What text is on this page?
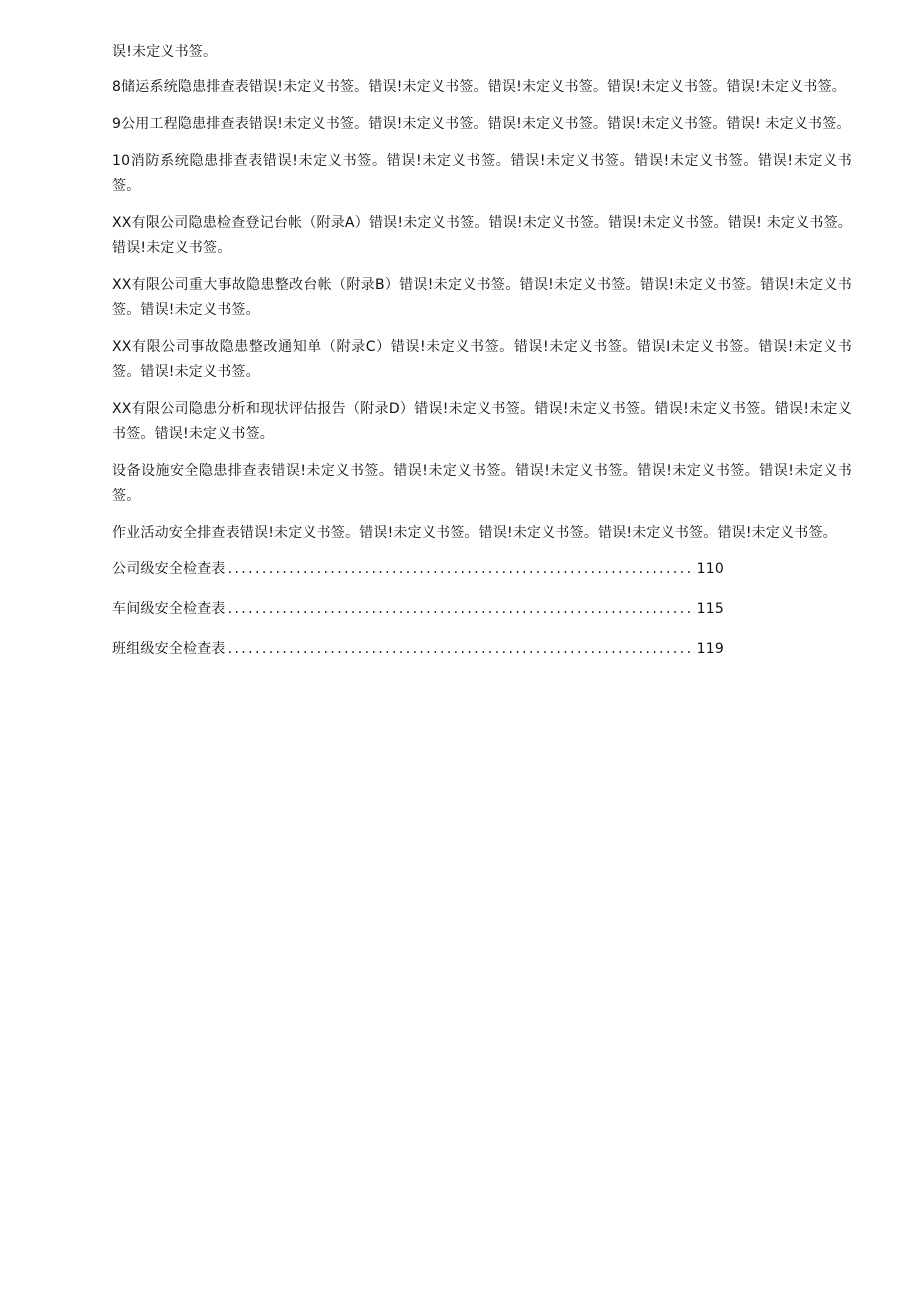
误!未定义书签。

8储运系统隐患排查表错误!未定义书签。错误!未定义书签。错误!未定义书签。错误!未定义书签。错误!未定义书签。

9公用工程隐患排查表错误!未定义书签。错误!未定义书签。错误!未定义书签。错误!未定义书签。错误! 未定义书签。

10消防系统隐患排查表错误!未定义书签。错误!未定义书签。错误!未定义书签。错误!未定义书签。错误!未定义书签。

XX有限公司隐患检查登记台帐（附录A）错误!未定义书签。错误!未定义书签。错误!未定义书签。错误! 未定义书签。错误!未定义书签。

XX有限公司重大事故隐患整改台帐（附录B）错误!未定义书签。错误!未定义书签。错误!未定义书签。错误!未定义书签。错误!未定义书签。

XX有限公司事故隐患整改通知单（附录C）错误!未定义书签。错误!未定义书签。错误I未定义书签。错误!未定义书签。错误!未定义书签。

XX有限公司隐患分析和现状评估报告（附录D）错误!未定义书签。错误!未定义书签。错误!未定义书签。错误!未定义书签。错误!未定义书签。

设备设施安全隐患排查表错误!未定义书签。错误!未定义书签。错误!未定义书签。错误!未定义书签。错误!未定义书签。

作业活动安全排查表错误!未定义书签。错误!未定义书签。错误!未定义书签。错误!未定义书签。错误!未定义书签。

公司级安全检查表 .....	110
车间级安全检查表 .....	115
班组级安全检查表 .....	119
